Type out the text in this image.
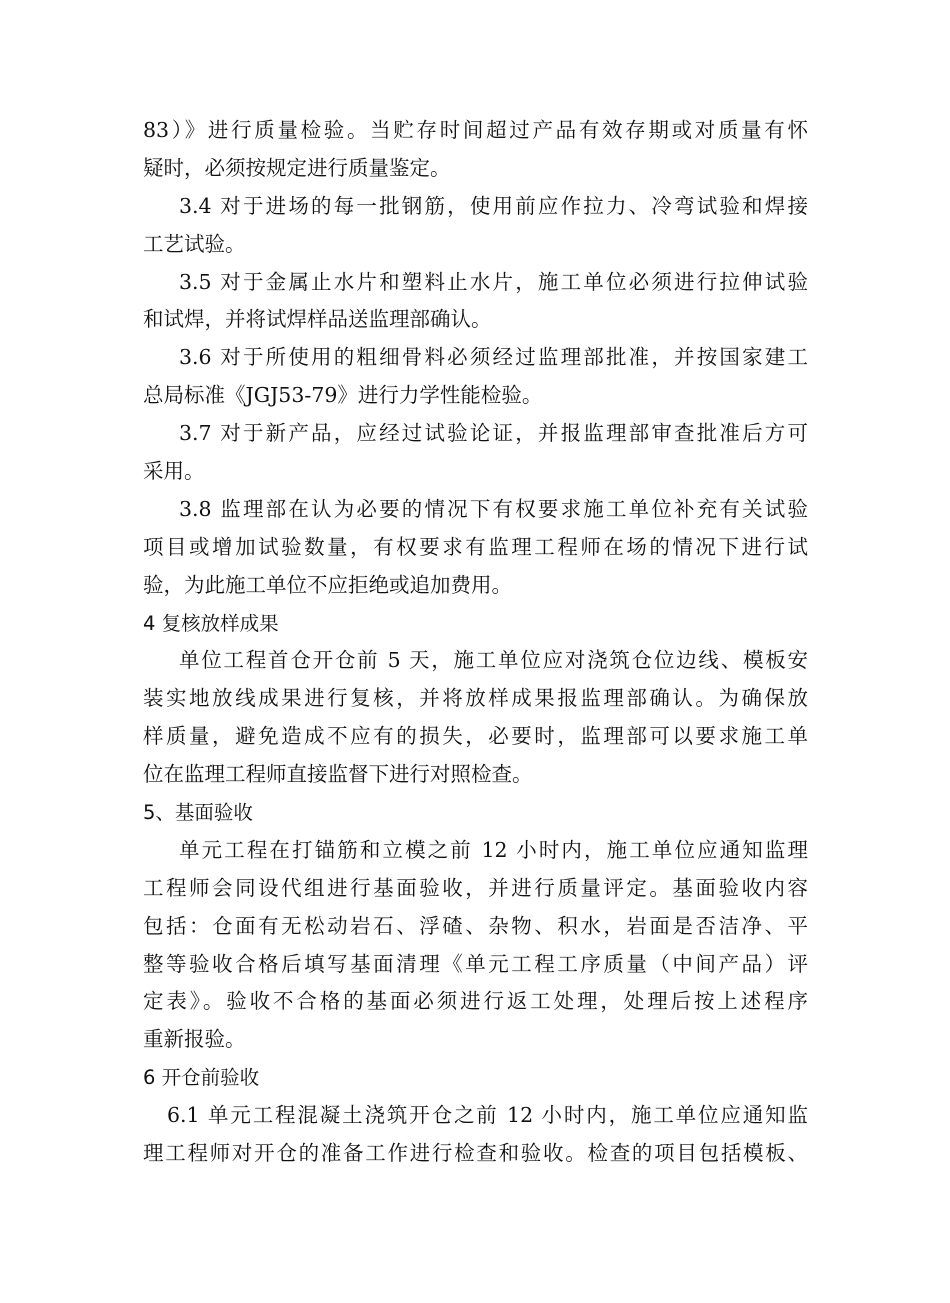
83）》进行质量检验。当贮存时间超过产品有效存期或对质量有怀
疑时，必须按规定进行质量鉴定。
3.4 对于进场的每一批钢筋，使用前应作拉力、冷弯试验和焊接
工艺试验。
3.5 对于金属止水片和塑料止水片，施工单位必须进行拉伸试验
和试焊，并将试焊样品送监理部确认。
3.6 对于所使用的粗细骨料必须经过监理部批准，并按国家建工
总局标准《JGJ53-79》进行力学性能检验。
3.7 对于新产品，应经过试验论证，并报监理部审查批准后方可
采用。
3.8 监理部在认为必要的情况下有权要求施工单位补充有关试验
项目或增加试验数量，有权要求有监理工程师在场的情况下进行试
验，为此施工单位不应拒绝或追加费用。
4 复核放样成果
单位工程首仓开仓前 5 天，施工单位应对浇筑仓位边线、模板安
装实地放线成果进行复核，并将放样成果报监理部确认。为确保放
样质量，避免造成不应有的损失，必要时，监理部可以要求施工单
位在监理工程师直接监督下进行对照检查。
5、基面验收
单元工程在打锚筋和立模之前 12 小时内，施工单位应通知监理
工程师会同设代组进行基面验收，并进行质量评定。基面验收内容
包括：仓面有无松动岩石、浮碴、杂物、积水，岩面是否洁净、平
整等验收合格后填写基面清理《单元工程工序质量（中间产品）评
定表》。验收不合格的基面必须进行返工处理，处理后按上述程序
重新报验。
6 开仓前验收
6.1 单元工程混凝土浇筑开仓之前 12 小时内，施工单位应通知监
理工程师对开仓的准备工作进行检查和验收。检查的项目包括模板、
